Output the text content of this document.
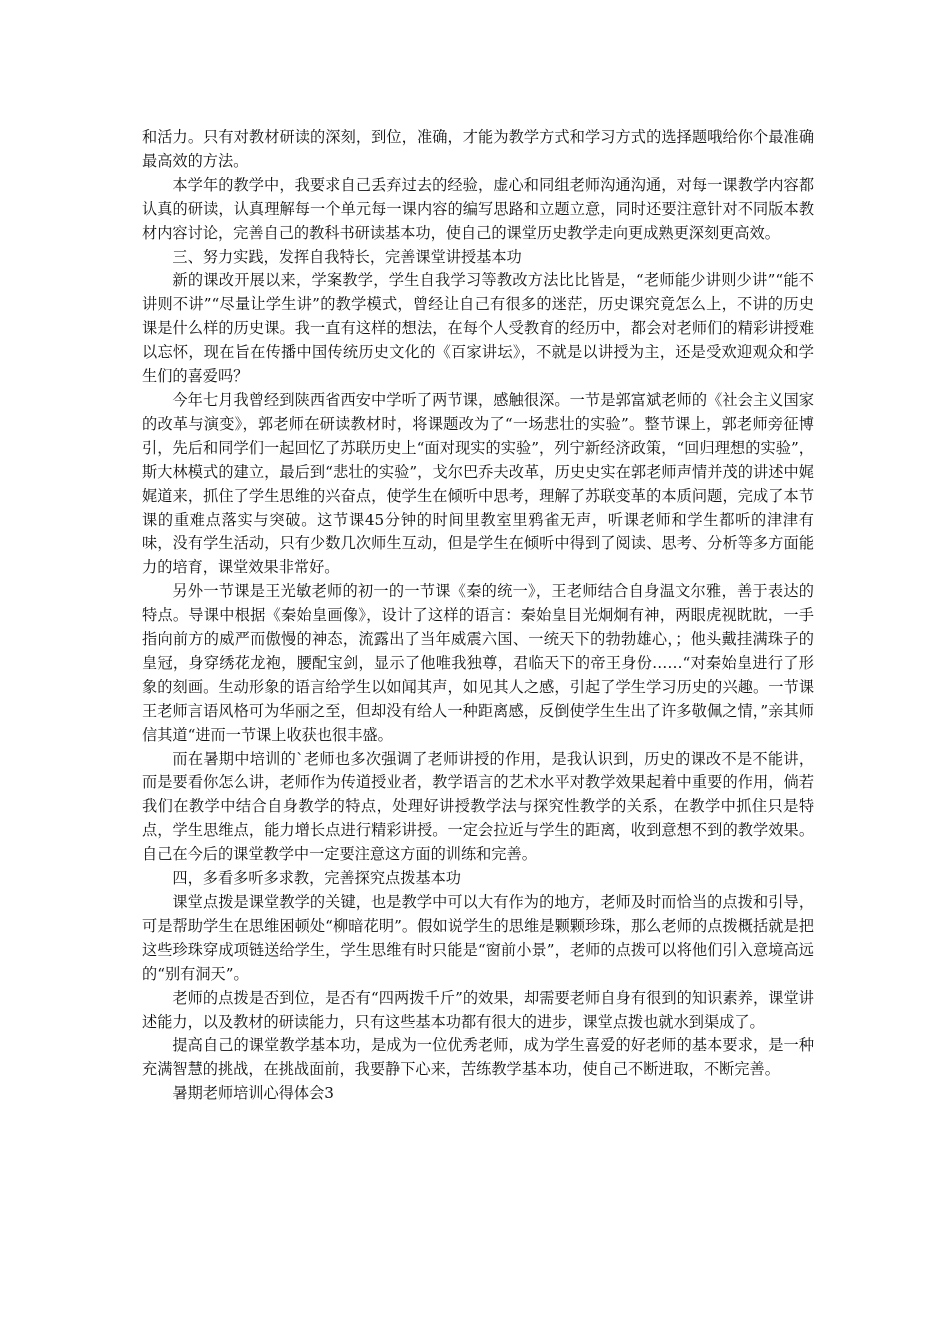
和活力。只有对教材研读的深刻，到位，准确，才能为教学方式和学习方式的选择题哦给你个最准确最高效的方法。

本学年的教学中，我要求自己丢弃过去的经验，虚心和同组老师沟通沟通，对每一课教学内容都认真的研读，认真理解每一个单元每一课内容的编写思路和立题立意，同时还要注意针对不同版本教材内容讨论，完善自己的教科书研读基本功，使自己的课堂历史教学走向更成熟更深刻更高效。

三、努力实践，发挥自我特长，完善课堂讲授基本功

新的课改开展以来，学案教学，学生自我学习等教改方法比比皆是，“老师能少讲则少讲”“能不讲则不讲”“尽量让学生讲”的教学模式，曾经让自己有很多的迷茫，历史课究竟怎么上，不讲的历史课是什么样的历史课。我一直有这样的想法，在每个人受教育的经历中，都会对老师们的精彩讲授难以忘怀，现在旨在传播中国传统历史文化的《百家讲坛》，不就是以讲授为主，还是受欢迎观众和学生们的喜爱吗？

今年七月我曾经到陕西省西安中学听了两节课，感触很深。一节是郭富斌老师的《社会主义国家的改革与演变》，郭老师在研读教材时，将课题改为了“一场悲壮的实验”。整节课上，郭老师旁征博引，先后和同学们一起回忆了苏联历史上“面对现实的实验”，列宁新经济政策，“回归理想的实验”，斯大林模式的建立，最后到“悲壮的实验”，戈尔巴乔夫改革，历史史实在郭老师声情并茂的讲述中娓娓道来，抓住了学生思维的兴奋点，使学生在倾听中思考，理解了苏联变革的本质问题，完成了本节课的重难点落实与突破。这节课45分钟的时间里教室里鸦雀无声，听课老师和学生都听的津津有味，没有学生活动，只有少数几次师生互动，但是学生在倾听中得到了阅读、思考、分析等多方面能力的培育，课堂效果非常好。

另外一节课是王光敏老师的初一的一节课《秦的统一》，王老师结合自身温文尔雅，善于表达的特点。导课中根据《秦始皇画像》，设计了这样的语言：秦始皇目光炯炯有神，两眼虎视眈眈，一手指向前方的威严而傲慢的神态，流露出了当年威震六国、一统天下的勃勃雄心，；他头戴挂满珠子的皇冠，身穿绣花龙袍，腰配宝剑，显示了他唯我独尊，君临天下的帝王身份……“对秦始皇进行了形象的刻画。生动形象的语言给学生以如闻其声，如见其人之感，引起了学生学习历史的兴趣。一节课王老师言语风格可为华丽之至，但却没有给人一种距离感，反倒使学生生出了许多敬佩之情，”亲其师信其道“进而一节课上收获也很丰盛。

而在暑期中培训的`老师也多次强调了老师讲授的作用，是我认识到，历史的课改不是不能讲，而是要看你怎么讲，老师作为传道授业者，教学语言的艺术水平对教学效果起着中重要的作用，倘若我们在教学中结合自身教学的特点，处理好讲授教学法与探究性教学的关系，在教学中抓住只是特点，学生思维点，能力增长点进行精彩讲授。一定会拉近与学生的距离，收到意想不到的教学效果。自己在今后的课堂教学中一定要注意这方面的训练和完善。

四，多看多听多求教，完善探究点拨基本功

课堂点拨是课堂教学的关键，也是教学中可以大有作为的地方，老师及时而恰当的点拨和引导，可是帮助学生在思维困顿处“柳暗花明”。假如说学生的思维是颗颗珍珠，那么老师的点拨概括就是把这些珍珠穿成项链送给学生，学生思维有时只能是“窗前小景”，老师的点拨可以将他们引入意境高远的“别有洞天”。

老师的点拨是否到位，是否有“四两拨千斤”的效果，却需要老师自身有很到的知识素养，课堂讲述能力，以及教材的研读能力，只有这些基本功都有很大的进步，课堂点拨也就水到渠成了。

提高自己的课堂教学基本功，是成为一位优秀老师，成为学生喜爱的好老师的基本要求，是一种充满智慧的挑战，在挑战面前，我要静下心来，苦练教学基本功，使自己不断进取，不断完善。

暑期老师培训心得体会3
